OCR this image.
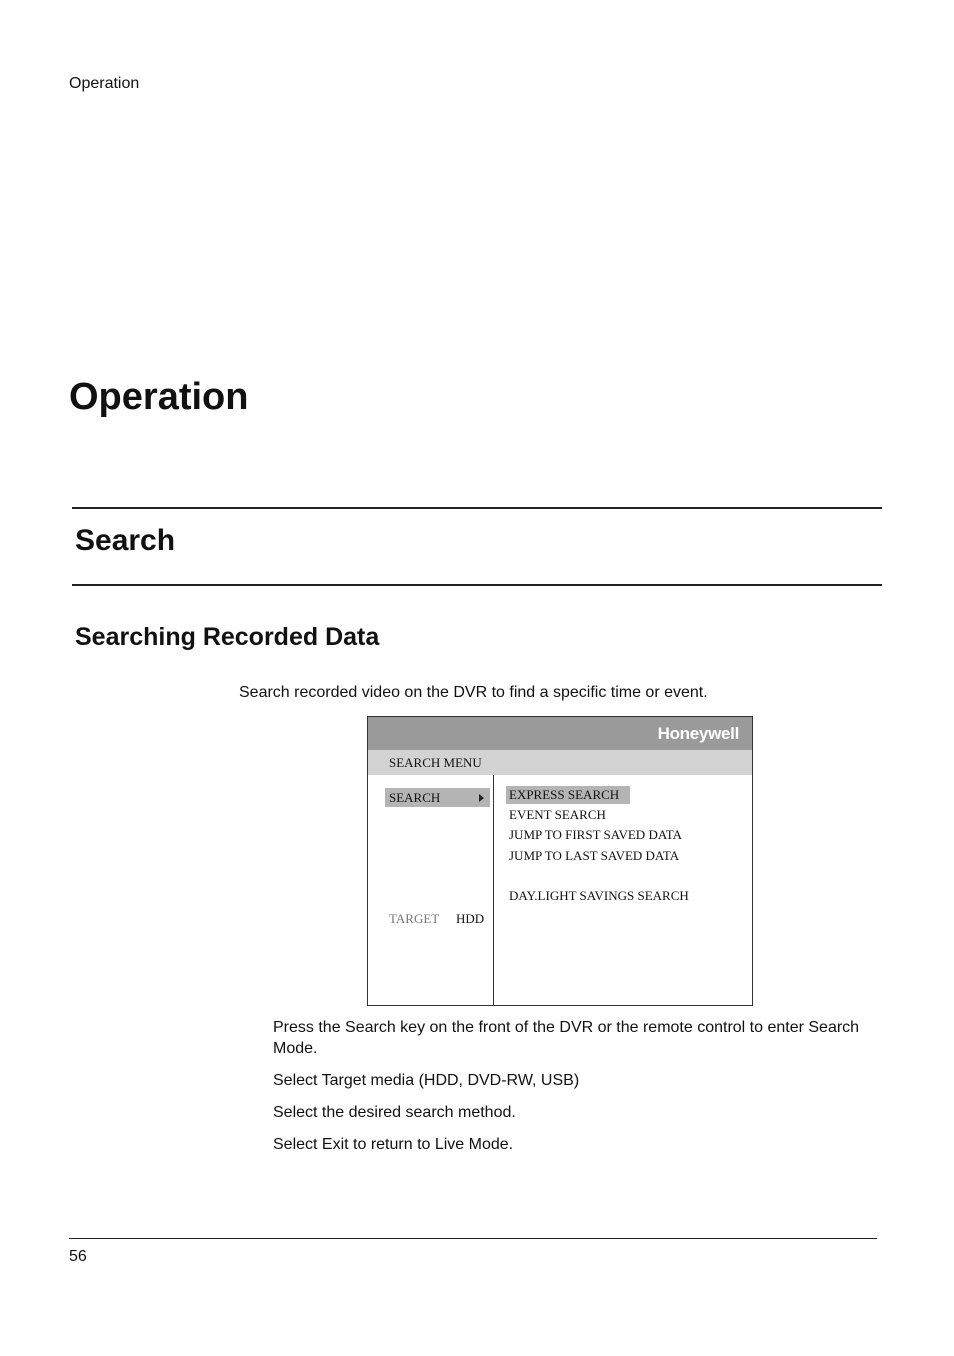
Operation
Operation
Search
Searching Recorded Data
Search recorded video on the DVR to find a specific time or event.
Honeywell
SEARCH MENU
SEARCH
TARGET HDD
EXPRESS SEARCH
EVENT SEARCH
JUMP TO FIRST SAVED DATA
JUMP TO LAST SAVED DATA
DAY.LIGHT SAVINGS SEARCH
Press the Search key on the front of the DVR or the remote control to enter Search Mode.
Select Target media (HDD, DVD-RW, USB)
Select the desired search method.
Select Exit to return to Live Mode.
56
